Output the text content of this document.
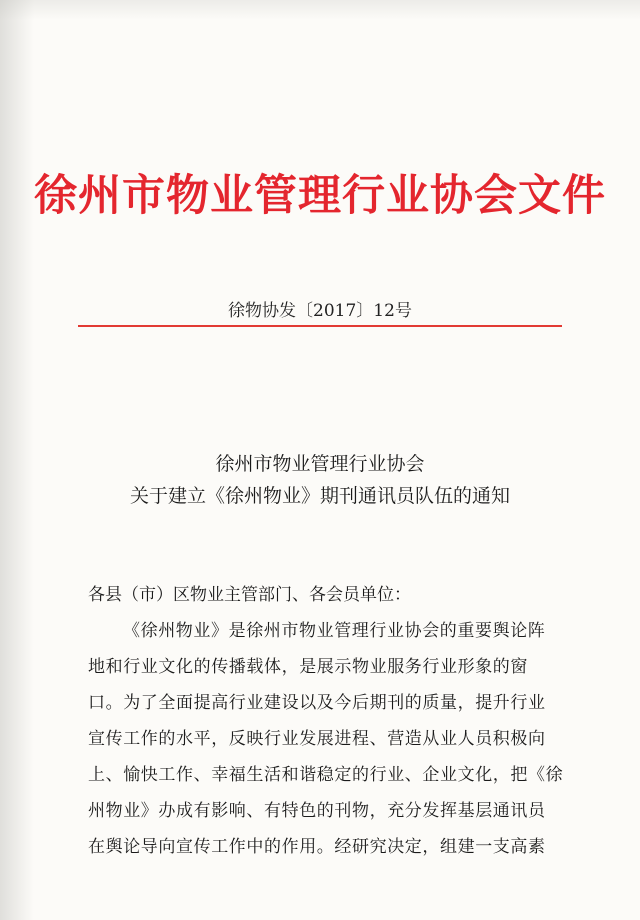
徐州市物业管理行业协会文件
徐物协发〔2017〕12号
徐州市物业管理行业协会
关于建立《徐州物业》期刊通讯员队伍的通知
各县（市）区物业主管部门、各会员单位：
《徐州物业》是徐州市物业管理行业协会的重要舆论阵
地和行业文化的传播载体，是展示物业服务行业形象的窗
口。为了全面提高行业建设以及今后期刊的质量，提升行业
宣传工作的水平，反映行业发展进程、营造从业人员积极向
上、愉快工作、幸福生活和谐稳定的行业、企业文化，把《徐
州物业》办成有影响、有特色的刊物，充分发挥基层通讯员
在舆论导向宣传工作中的作用。经研究决定，组建一支高素
